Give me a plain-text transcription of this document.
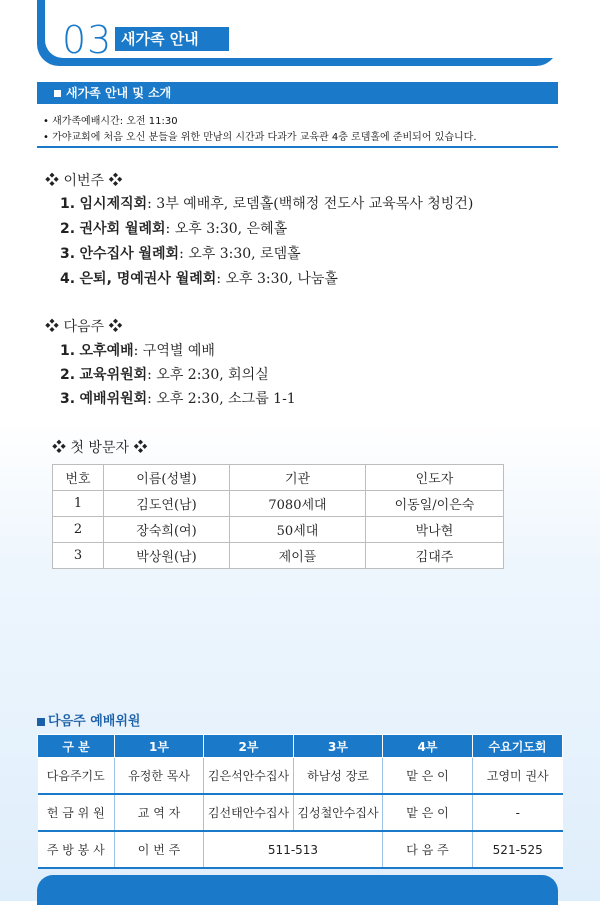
03 새가족 안내
새가족 안내 및 소개
• 새가족예배시간: 오전 11:30
• 가야교회에 처음 오신 분들을 위한 만남의 시간과 다과가 교육관 4층 로뎀홀에 준비되어 있습니다.
❖ 이번주 ❖
1. 임시제직회: 3부 예배후, 로뎀홀(백해정 전도사 교육목사 청빙건)
2. 권사회 월례회: 오후 3:30, 은혜홀
3. 안수집사 월례회: 오후 3:30, 로뎀홀
4. 은퇴, 명예권사 월례회: 오후 3:30, 나눔홀
❖ 다음주 ❖
1. 오후예배: 구역별 예배
2. 교육위원회: 오후 2:30, 회의실
3. 예배위원회: 오후 2:30, 소그룹 1-1
❖ 첫 방문자 ❖
번호	이름(성별)	기관	인도자
1	김도연(남)	7080세대	이동일/이은숙
2	장숙희(여)	50세대	박나현
3	박상원(남)	제이플	김대주
다음주 예배위원
구 분	1부	2부	3부	4부	수요기도회
다음주기도	유정한 목사	김은석안수집사	하남성 장로	맡 은 이	고영미 권사
헌 금 위 원	교 역 자	김선태안수집사	김성철안수집사	맡 은 이	-
주 방 봉 사	이 번 주	511-513		다 음 주	521-525
